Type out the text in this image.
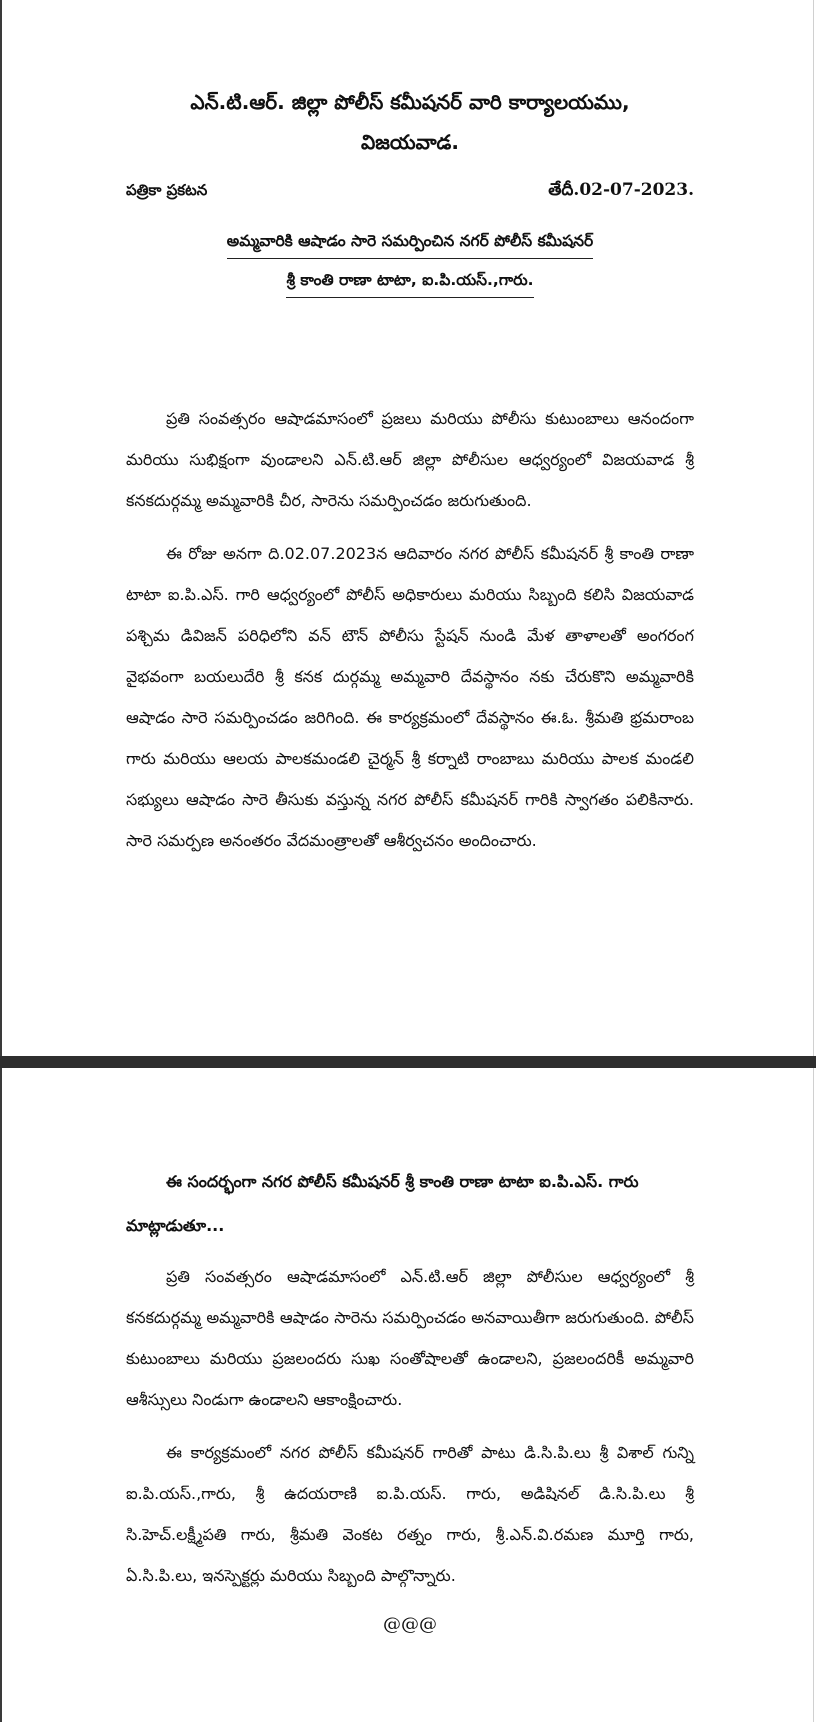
ఎన్.టి.ఆర్. జిల్లా పోలీస్ కమీషనర్ వారి కార్యాలయము,

విజయవాడ.

పత్రికా ప్రకటన	తేదీ.02-07-2023.
అమ్మవారికి ఆషాడం సారె సమర్పించిన నగర్ పోలీస్ కమీషనర్
శ్రీ కాంతి రాణా టాటా, ఐ.పి.యస్.,గారు.

ప్రతి సంవత్సరం ఆషాడమాసంలో ప్రజలు మరియు పోలీసు కుటుంబాలు ఆనందంగా మరియు సుభిక్షంగా వుండాలని ఎన్.టి.ఆర్ జిల్లా పోలీసుల ఆధ్వర్యంలో విజయవాడ శ్రీ కనకదుర్గమ్మ అమ్మవారికి చీర, సారెను సమర్పించడం జరుగుతుంది.

ఈ రోజు అనగా ది.02.07.2023న ఆదివారం నగర పోలీస్ కమీషనర్ శ్రీ కాంతి రాణా టాటా ఐ.పి.ఎస్. గారి ఆధ్వర్యంలో పోలీస్ అధికారులు మరియు సిబ్బంది కలిసి విజయవాడ పశ్చిమ డివిజన్ పరిధిలోని వన్ టౌన్ పోలీసు స్టేషన్ నుండి మేళ తాళాలతో అంగరంగ వైభవంగా బయలుదేరి శ్రీ కనక దుర్గమ్మ అమ్మవారి దేవస్థానం నకు చేరుకొని అమ్మవారికి ఆషాడం సారె సమర్పించడం జరిగింది. ఈ కార్యక్రమంలో దేవస్థానం ఈ.ఓ. శ్రీమతి భ్రమరాంబ గారు మరియు ఆలయ పాలకమండలి చైర్మన్ శ్రీ కర్నాటి రాంబాబు మరియు పాలక మండలి సభ్యులు ఆషాడం సారె తీసుకు వస్తున్న నగర పోలీస్ కమీషనర్ గారికి స్వాగతం పలికినారు. సారె సమర్పణ అనంతరం వేదమంత్రాలతో ఆశీర్వచనం అందించారు.

ఈ సందర్భంగా నగర పోలీస్ కమీషనర్ శ్రీ కాంతి రాణా టాటా ఐ.పి.ఎస్. గారు మాట్లాడుతూ...

ప్రతి సంవత్సరం ఆషాడమాసంలో ఎన్.టి.ఆర్ జిల్లా పోలీసుల ఆధ్వర్యంలో శ్రీ కనకదుర్గమ్మ అమ్మవారికి ఆషాడం సారెను సమర్పించడం అనవాయితీగా జరుగుతుంది. పోలీస్ కుటుంబాలు మరియు ప్రజలందరు సుఖ సంతోషాలతో ఉండాలని, ప్రజలందరికీ అమ్మవారి ఆశీస్సులు నిండుగా ఉండాలని ఆకాంక్షించారు.

ఈ కార్యక్రమంలో నగర పోలీస్ కమీషనర్ గారితో పాటు డి.సి.పి.లు శ్రీ విశాల్ గున్ని ఐ.పి.యస్.,గారు, శ్రీ ఉదయరాణి ఐ.పి.యస్. గారు, అడిషినల్ డి.సి.పి.లు శ్రీ సి.హెచ్.లక్ష్మీపతి గారు, శ్రీమతి వెంకట రత్నం గారు, శ్రీ.ఎన్.వి.రమణ మూర్తి గారు, ఏ.సి.పి.లు, ఇనస్పెక్టర్లు మరియు సిబ్బంది పాల్గొన్నారు.

@@@
